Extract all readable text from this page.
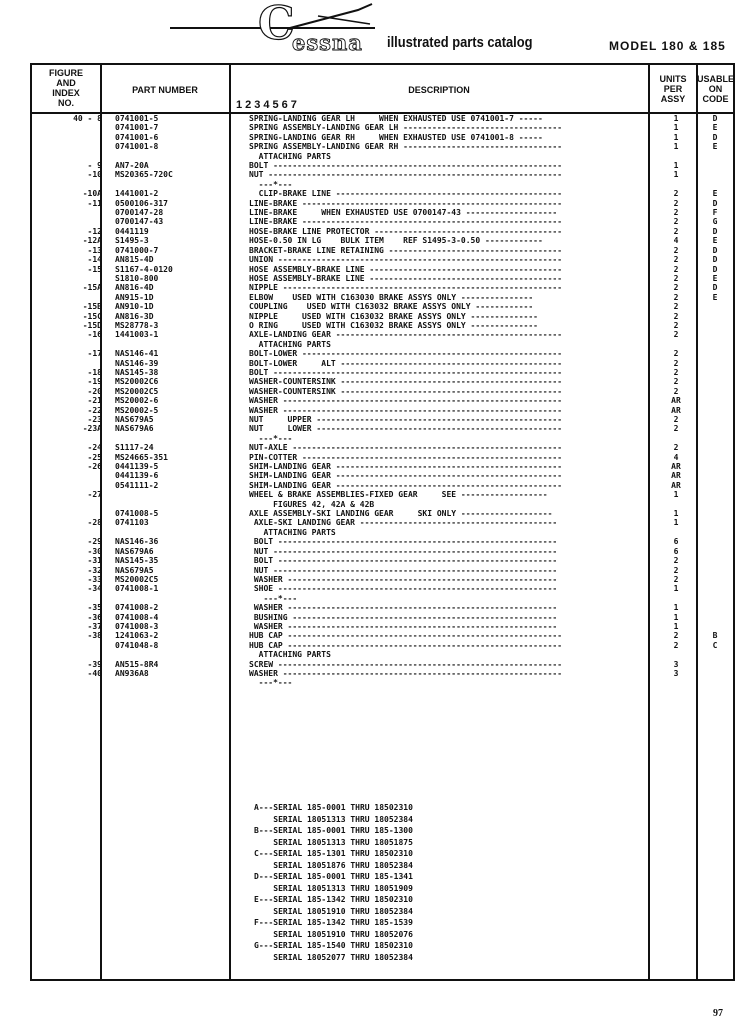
C
essna illustrated parts catalog	MODEL 180 & 185
FIGURE
AND
INDEX
NO.
PART NUMBER	DESCRIPTION
1234567
UNITS
PER
ASSY
USABLE
ON
CODE
40 - 8 0741001-5	SPRING-LANDING GEAR LH     WHEN EXHAUSTED USE 0741001-7 -----	1	D
0741001-7	SPRING ASSEMBLY-LANDING GEAR LH ---------------------------------	1	E
0741001-6	SPRING-LANDING GEAR RH     WHEN EXHAUSTED USE 0741001-8 -----	1	D
0741001-8	SPRING ASSEMBLY-LANDING GEAR RH ---------------------------------	1	E
ATTACHING PARTS
- 9 AN7-20A	BOLT ------------------------------------------------------------	1
-10 MS20365-720C	NUT -------------------------------------------------------------	1
---*---
-10A 1441001-2	CLIP-BRAKE LINE -----------------------------------------------	2	E
-11 0500106-317	LINE-BRAKE ------------------------------------------------------	2	D
0700147-28	LINE-BRAKE     WHEN EXHAUSTED USE 0700147-43 -------------------	2	F
0700147-43	LINE-BRAKE ------------------------------------------------------	2	G
-12 0441119	HOSE-BRAKE LINE PROTECTOR ---------------------------------------	2	D
-12A S1495-3	HOSE-0.50 IN LG    BULK ITEM    REF S1495-3-0.50 ------------	4	E
-13 0741000-7	BRACKET-BRAKE LINE RETAINING ------------------------------------	2	D
-14 AN815-4D	UNION -----------------------------------------------------------	2	D
-15 S1167-4-0120	HOSE ASSEMBLY-BRAKE LINE ----------------------------------------	2	D
S1810-800	HOSE ASSEMBLY-BRAKE LINE ----------------------------------------	2	E
-15A AN816-4D	NIPPLE ----------------------------------------------------------	2	D
AN915-1D	ELBOW    USED WITH C163030 BRAKE ASSYS ONLY ---------------	2	E
-15B AN910-1D	COUPLING    USED WITH C163032 BRAKE ASSYS ONLY ------------	2
-15C AN816-3D	NIPPLE     USED WITH C163032 BRAKE ASSYS ONLY --------------	2
-15D MS28778-3	O RING     USED WITH C163032 BRAKE ASSYS ONLY --------------	2
-16 1441003-1	AXLE-LANDING GEAR -----------------------------------------------	2
ATTACHING PARTS
-17 NAS146-41	BOLT-LOWER ------------------------------------------------------	2
NAS146-39	BOLT-LOWER     ALT ----------------------------------------------	2
-18 NAS145-38	BOLT ------------------------------------------------------------	2
-19 MS20002C6	WASHER-COUNTERSINK ----------------------------------------------	2
-20 MS20002C5	WASHER-COUNTERSINK ----------------------------------------------	2
-21 MS20002-6	WASHER ----------------------------------------------------------	AR
-22 MS20002-5	WASHER ----------------------------------------------------------	AR
-23 NAS679A5	NUT     UPPER ---------------------------------------------------	2
-23A NAS679A6	NUT     LOWER ---------------------------------------------------	2
---*---
-24 S1117-24	NUT-AXLE --------------------------------------------------------	2
-25 MS24665-351	PIN-COTTER ------------------------------------------------------	4
-26 0441139-5	SHIM-LANDING GEAR -----------------------------------------------	AR
0441139-6	SHIM-LANDING GEAR -----------------------------------------------	AR
0541111-2	SHIM-LANDING GEAR -----------------------------------------------	AR
-27	WHEEL & BRAKE ASSEMBLIES-FIXED GEAR     SEE ------------------	1
FIGURES 42, 42A & 42B
0741008-5	AXLE ASSEMBLY-SKI LANDING GEAR     SKI ONLY -------------------	1
-28 0741103	AXLE-SKI LANDING GEAR -----------------------------------------	1
ATTACHING PARTS
-29 NAS146-36	BOLT ----------------------------------------------------------	6
-30 NAS679A6	NUT -----------------------------------------------------------	6
-31 NAS145-35	BOLT ----------------------------------------------------------	2
-32 NAS679A5	NUT -----------------------------------------------------------	2
-33 MS20002C5	WASHER --------------------------------------------------------	2
-34 0741008-1	SHOE ----------------------------------------------------------	1
---*---
-35 0741008-2	WASHER --------------------------------------------------------	1
-36 0741008-4	BUSHING -------------------------------------------------------	1
-37 0741008-3	WASHER --------------------------------------------------------	1
-38 1241063-2	HUB CAP ---------------------------------------------------------	2	B
0741048-8	HUB CAP ---------------------------------------------------------	2	C
ATTACHING PARTS
-39 AN515-8R4	SCREW -----------------------------------------------------------	3
-40 AN936A8	WASHER ----------------------------------------------------------	3
---*---
A---SERIAL 185-0001 THRU 18502310
SERIAL 18051313 THRU 18052384
B---SERIAL 185-0001 THRU 185-1300
SERIAL 18051313 THRU 18051875
C---SERIAL 185-1301 THRU 18502310
SERIAL 18051876 THRU 18052384
D---SERIAL 185-0001 THRU 185-1341
SERIAL 18051313 THRU 18051909
E---SERIAL 185-1342 THRU 18502310
SERIAL 18051910 THRU 18052384
F---SERIAL 185-1342 THRU 185-1539
SERIAL 18051910 THRU 18052076
G---SERIAL 185-1540 THRU 18502310
SERIAL 18052077 THRU 18052384
97
